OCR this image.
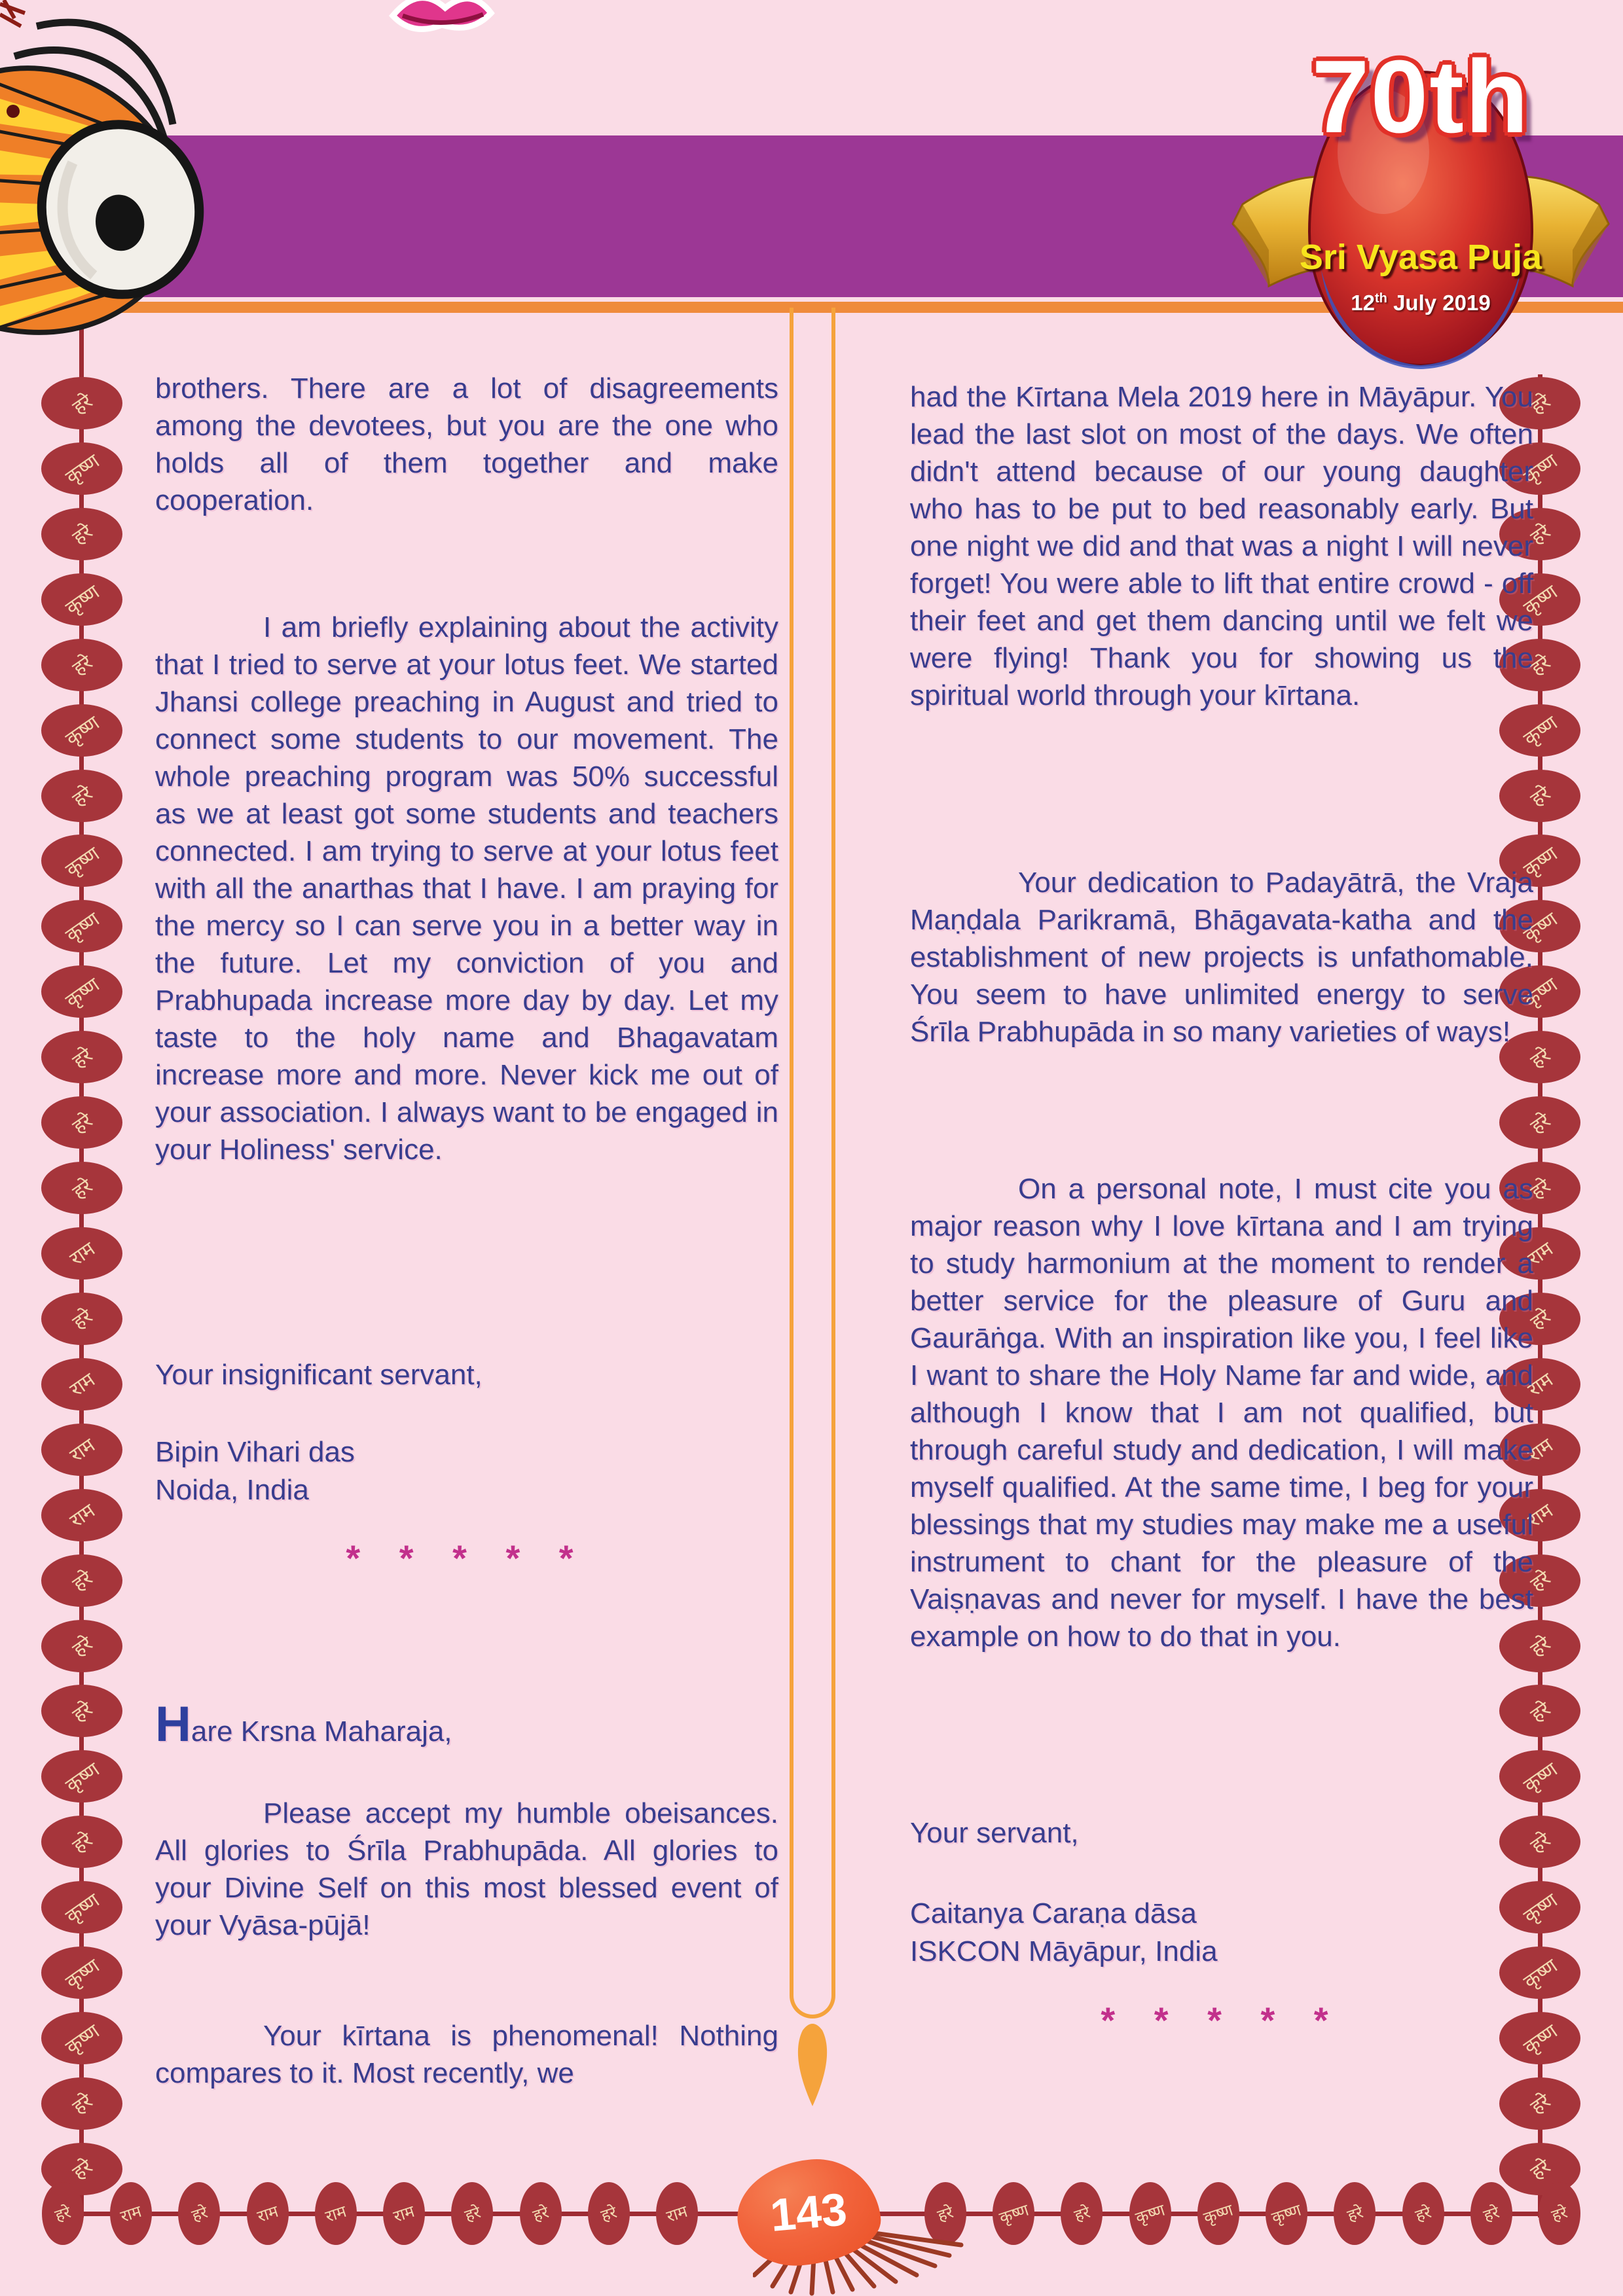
70th
Sri Vyasa Puja
12th July 2019
हरे
कृष्ण
हरे
कृष्ण
हरे
कृष्ण
हरे
कृष्ण
कृष्ण
कृष्ण
हरे
हरे
हरे
राम
हरे
राम
राम
राम
हरे
हरे
हरे
कृष्ण
हरे
कृष्ण
कृष्ण
कृष्ण
हरे
हरे
हरे
कृष्ण
हरे
कृष्ण
हरे
कृष्ण
हरे
कृष्ण
कृष्ण
कृष्ण
हरे
हरे
हरे
राम
हरे
राम
राम
राम
हरे
हरे
हरे
कृष्ण
हरे
कृष्ण
कृष्ण
कृष्ण
हरे
हरे
हरे	राम	हरे	राम	राम	राम	हरे	हरे	हरे	राम	हरे	कृष्ण	हरे	कृष्ण कृष्ण कृष्ण	हरे	हरे	हरे	हरे
143
brothers. There are a lot of disagreements among the devotees, but you are the one who holds all of them together and make cooperation.
I am briefly explaining about the activity that I tried to serve at your lotus feet. We started Jhansi college preaching in August and tried to connect some students to our movement. The whole preaching program was 50% successful as we at least got some students and teachers connected. I am trying to serve at your lotus feet with all the anarthas that I have. I am praying for the mercy so I can serve you in a better way in the future. Let my conviction of you and Prabhupada increase more day by day. Let my taste to the holy name and Bhagavatam increase more and more. Never kick me out of your association. I always want to be engaged in your Holiness' service.
Your insignificant servant,
Bipin Vihari das
Noida, India
* * * * *
Hare Krsna Maharaja,
Please accept my humble obeisances. All glories to Śrīla Prabhupāda. All glories to your Divine Self on this most blessed event of your Vyāsa-pūjā!
Your kīrtana is phenomenal! Nothing compares to it. Most recently, we
had the Kīrtana Mela 2019 here in Māyāpur. You lead the last slot on most of the days. We often didn't attend because of our young daughter who has to be put to bed reasonably early. But one night we did and that was a night I will never forget! You were able to lift that entire crowd - off their feet and get them dancing until we felt we were flying! Thank you for showing us the spiritual world through your kīrtana.
Your dedication to Padayātrā, the Vraja Maṇḍala Parikramā, Bhāgavata-katha and the establishment of new projects is unfathomable. You seem to have unlimited energy to serve Śrīla Prabhupāda in so many varieties of ways!
On a personal note, I must cite you as major reason why I love kīrtana and I am trying to study harmonium at the moment to render a better service for the pleasure of Guru and Gaurāṅga. With an inspiration like you, I feel like I want to share the Holy Name far and wide, and although I know that I am not qualified, but through careful study and dedication, I will make myself qualified. At the same time, I beg for your blessings that my studies may make me a useful instrument to chant for the pleasure of the Vaiṣṇavas and never for myself. I have the best example on how to do that in you.
Your servant,
Caitanya Caraṇa dāsa
ISKCON Māyāpur, India
* * * * *
